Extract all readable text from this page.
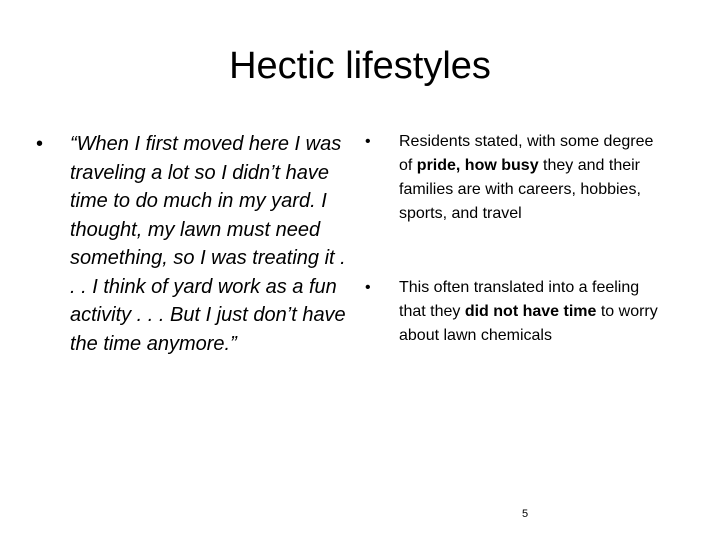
Hectic lifestyles
•	“When I first moved here I was traveling a lot so I didn’t have time to do much in my yard. I thought, my lawn must need something, so I was treating it . . . I think of yard work as a fun activity . . . But I just don’t have the time anymore.”
•	Residents stated, with some degree of pride, how busy they and their families are with careers, hobbies, sports, and travel
•	This often translated into a feeling that they did not have time to worry about lawn chemicals
5
